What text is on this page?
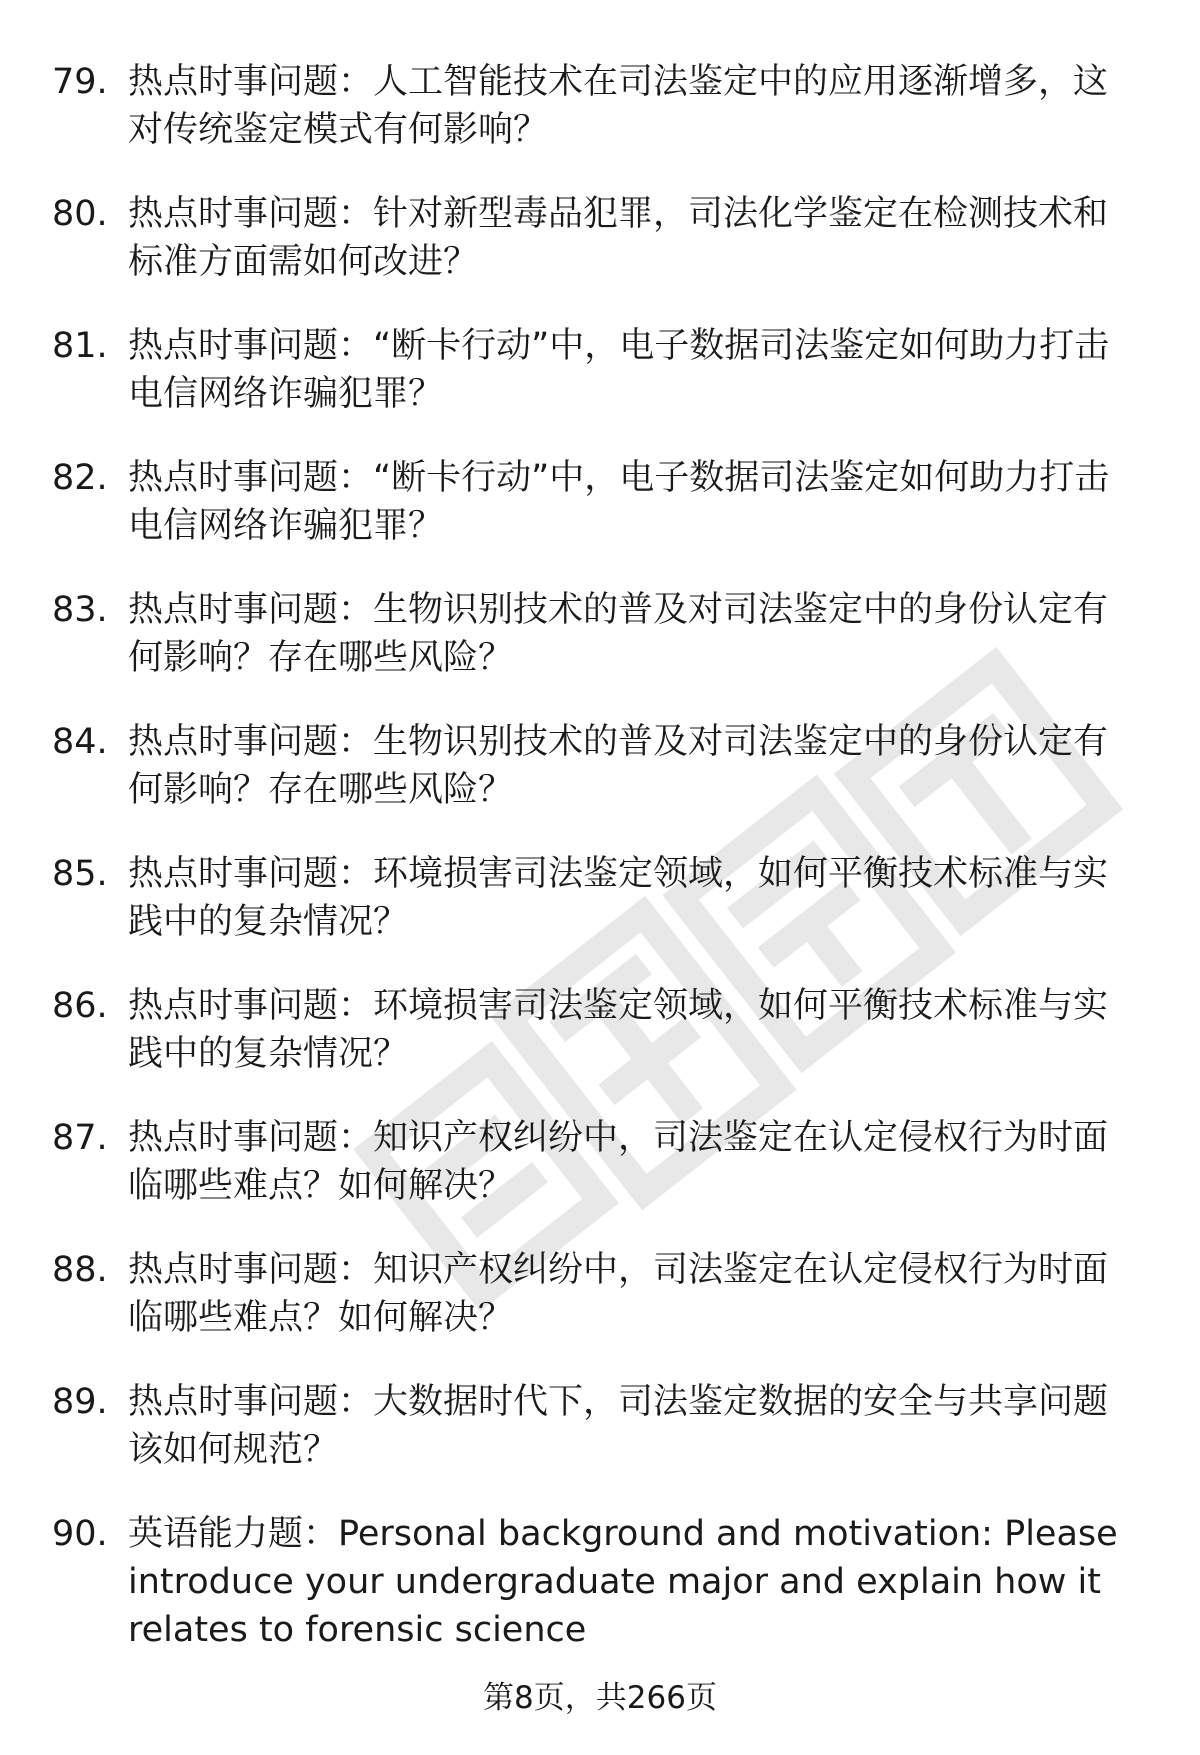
79. 热点时事问题：人工智能技术在司法鉴定中的应用逐渐增多，这对传统鉴定模式有何影响？
80. 热点时事问题：针对新型毒品犯罪，司法化学鉴定在检测技术和标准方面需如何改进？
81. 热点时事问题：“断卡行动”中，电子数据司法鉴定如何助力打击电信网络诈骗犯罪？
82. 热点时事问题：“断卡行动”中，电子数据司法鉴定如何助力打击电信网络诈骗犯罪？
83. 热点时事问题：生物识别技术的普及对司法鉴定中的身份认定有何影响？存在哪些风险？
84. 热点时事问题：生物识别技术的普及对司法鉴定中的身份认定有何影响？存在哪些风险？
85. 热点时事问题：环境损害司法鉴定领域，如何平衡技术标准与实践中的复杂情况？
86. 热点时事问题：环境损害司法鉴定领域，如何平衡技术标准与实践中的复杂情况？
87. 热点时事问题：知识产权纠纷中，司法鉴定在认定侵权行为时面临哪些难点？如何解决？
88. 热点时事问题：知识产权纠纷中，司法鉴定在认定侵权行为时面临哪些难点？如何解决？
89. 热点时事问题：大数据时代下，司法鉴定数据的安全与共享问题该如何规范？
90. 英语能力题：Personal background and motivation: Please introduce your undergraduate major and explain how it relates to forensic science
第8页，共266页
